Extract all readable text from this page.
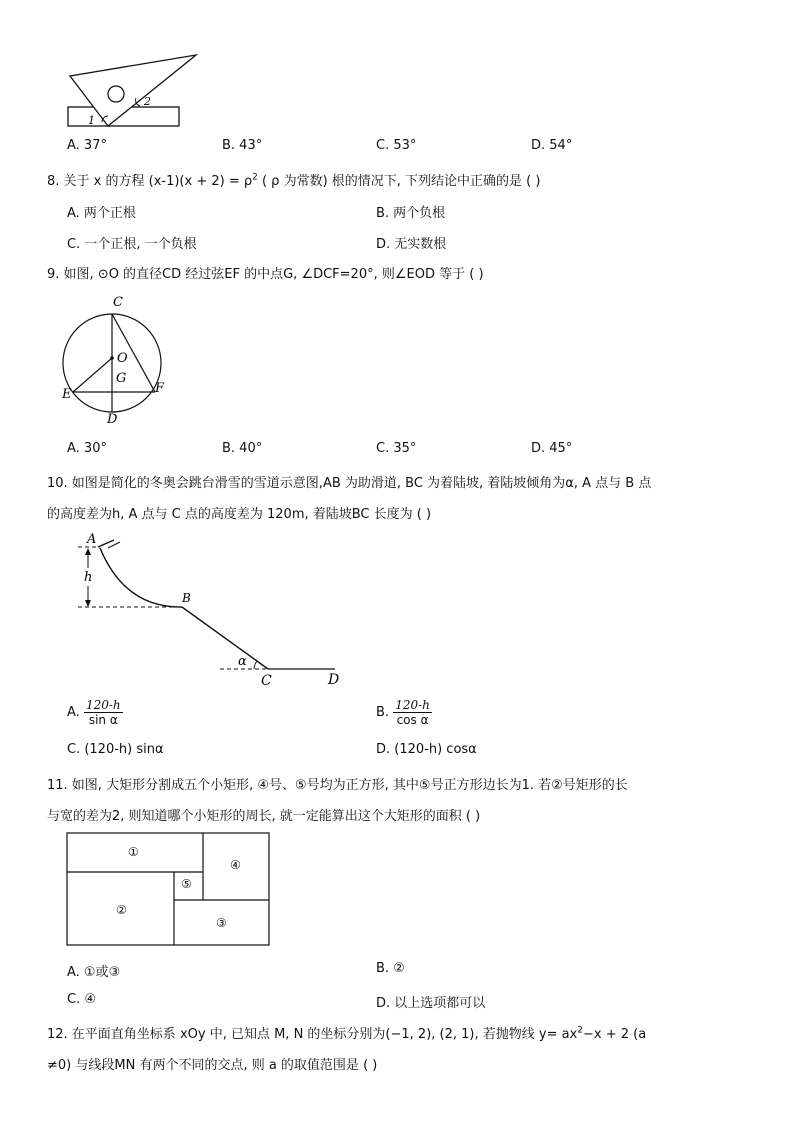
1
2
A. 37°	B. 43°	C. 53°	D. 54°
8. 关于 x 的方程 $(x-1)(x + 2) = \rho^2$ ( ρ 为常数) 根的情况下, 下列结论中正确的是 ( )
A. 两个正根	B. 两个负根
C. 一个正根, 一个负根	D. 无实数根
9. 如图, ⊙O 的直径CD 经过弦EF 的中点G, ∠DCF=20°, 则∠EOD 等于 ( )
C
O
G
E	F
D
A. 30°	B. 40°	C. 35°	D. 45°
10. 如图是简化的冬奥会跳台滑雪的雪道示意图,AB 为助滑道, BC 为着陆坡, 着陆坡倾角为α, A 点与 B 点
的高度差为h, A 点与 C 点的高度差为 120m, 着陆坡BC 长度为 ( )
A
h
B
α
C	D
A. $\frac{120-h}{\text{sin α}}$	B. $\frac{120-h}{\text{cos α}}$
C. (120-h) sinα	D. (120-h) cosα
11. 如图, 大矩形分割成五个小矩形, ④号、⑤号均为正方形, 其中⑤号正方形边长为1. 若②号矩形的长
与宽的差为2, 则知道哪个小矩形的周长, 就一定能算出这个大矩形的面积 ( )
①
④
⑤
②
③
A. ①或③	B. ②
C. ④	D. 以上选项都可以
12. 在平面直角坐标系 xOy 中, 已知点 M, N 的坐标分别为(−1, 2), (2, 1), 若抛物线 $y= ax^2-x + 2$ (a
≠0) 与线段MN 有两个不同的交点, 则 a 的取值范围是 ( )
